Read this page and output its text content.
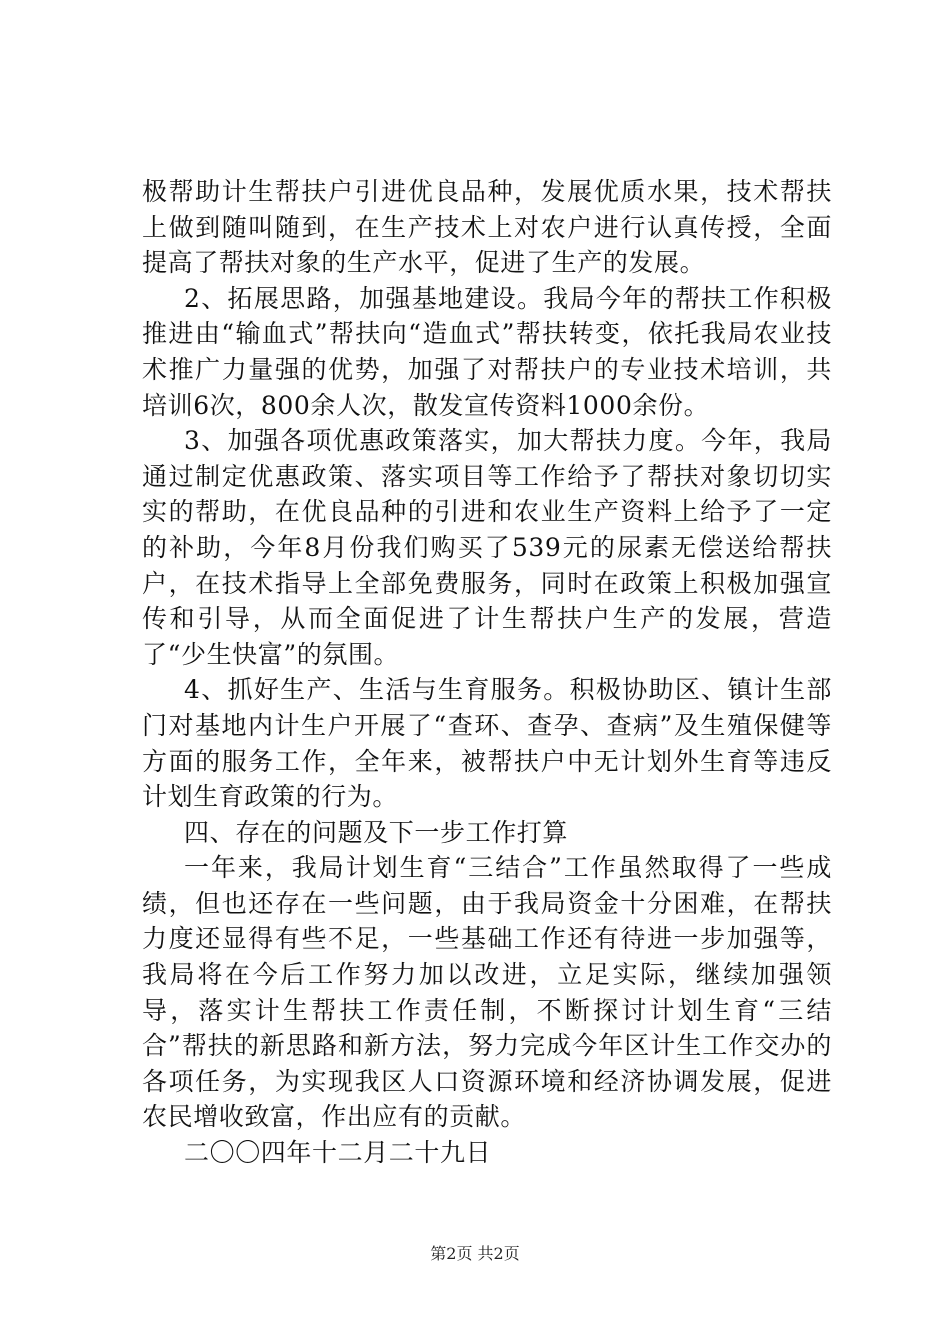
极帮助计生帮扶户引进优良品种，发展优质水果，技术帮扶上做到随叫随到，在生产技术上对农户进行认真传授，全面提高了帮扶对象的生产水平，促进了生产的发展。

2、拓展思路，加强基地建设。我局今年的帮扶工作积极推进由“输血式”帮扶向“造血式”帮扶转变，依托我局农业技术推广力量强的优势，加强了对帮扶户的专业技术培训，共培训6次，800余人次，散发宣传资料1000余份。

3、加强各项优惠政策落实，加大帮扶力度。今年，我局通过制定优惠政策、落实项目等工作给予了帮扶对象切切实实的帮助，在优良品种的引进和农业生产资料上给予了一定的补助，今年8月份我们购买了539元的尿素无偿送给帮扶户，在技术指导上全部免费服务，同时在政策上积极加强宣传和引导，从而全面促进了计生帮扶户生产的发展，营造了“少生快富”的氛围。

4、抓好生产、生活与生育服务。积极协助区、镇计生部门对基地内计生户开展了“查环、查孕、查病”及生殖保健等方面的服务工作，全年来，被帮扶户中无计划外生育等违反计划生育政策的行为。

四、存在的问题及下一步工作打算

一年来，我局计划生育“三结合”工作虽然取得了一些成绩，但也还存在一些问题，由于我局资金十分困难，在帮扶力度还显得有些不足，一些基础工作还有待进一步加强等，我局将在今后工作努力加以改进，立足实际，继续加强领导，落实计生帮扶工作责任制，不断探讨计划生育“三结合”帮扶的新思路和新方法，努力完成今年区计生工作交办的各项任务，为实现我区人口资源环境和经济协调发展，促进农民增收致富，作出应有的贡献。

二〇〇四年十二月二十九日

第2页 共2页
